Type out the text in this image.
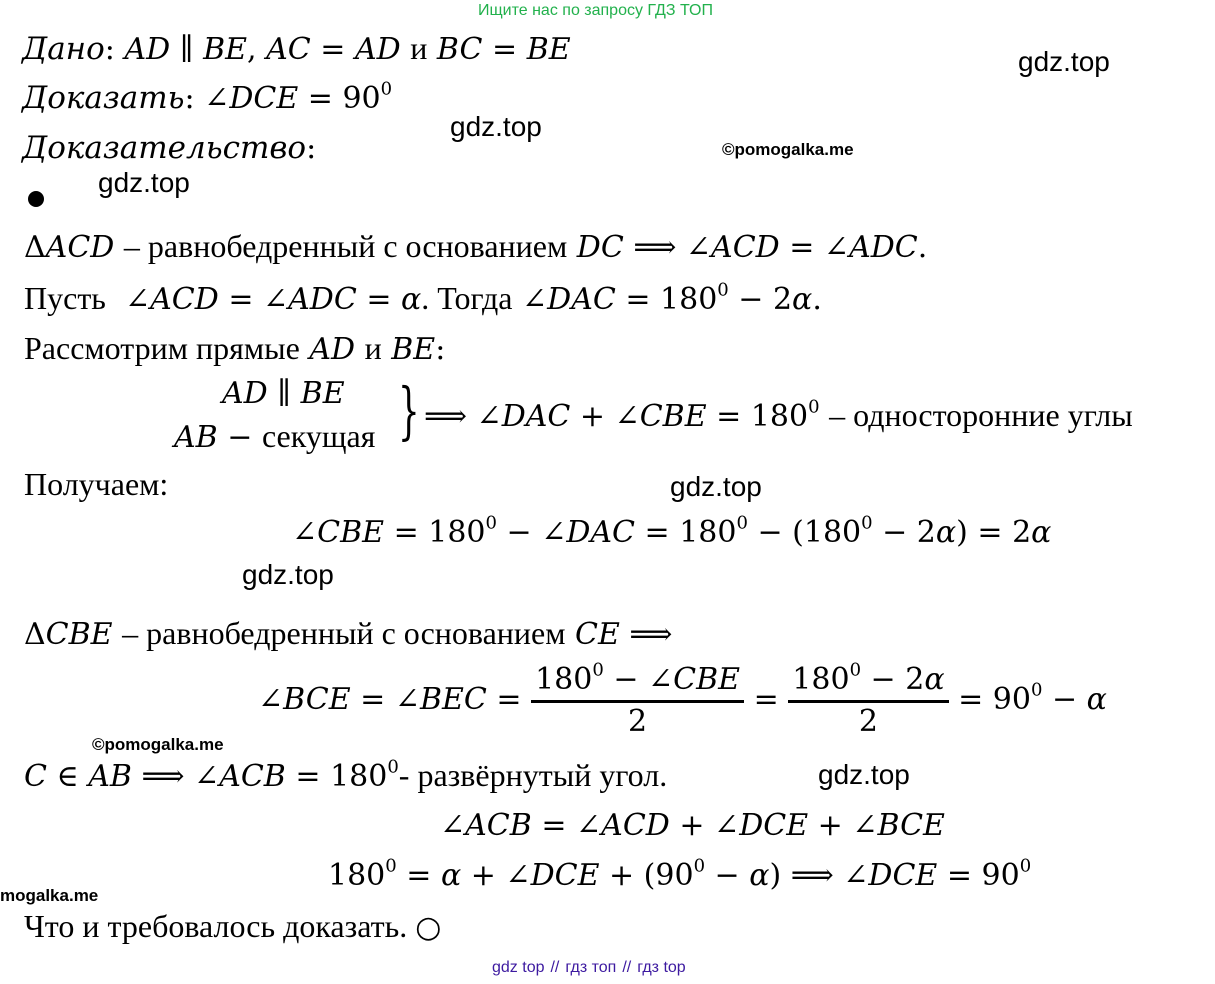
Ищите нас по запросу ГДЗ ТОП
gdz.top
gdz.top
©pomogalka.me
gdz.top
gdz.top
gdz.top
©pomogalka.me
gdz.top
mogalka.me
Дано: AD ∥ BE, AC = AD и BC = BE
Доказать: ∠DCE = $90^0$
Доказательство:
ΔACD – равнобедренный с основанием DC ⟹ ∠ACD = ∠ADC.
Пусть  ∠ACD = ∠ADC = α. Тогда ∠DAC = $180^0 - 2\alpha$.
Рассмотрим прямые AD и BE:
AD ∥ BE
AB − секущая } ⟹ ∠DAC + ∠CBE = $180^0$ – односторонние углы
Получаем:
∠CBE = $180^0$ − ∠DAC = $180^0 - (180^0 - 2\alpha) = 2\alpha$
ΔCBE – равнобедренный с основанием CE ⟹
∠BCE = ∠BEC = $\frac{180^0 - \angle CBE}{2} = \frac{180^0 - 2\alpha}{2} = 90^0 - \alpha$
C ∈ AB ⟹ ∠ACB = $180^0-$ развёрнутый угол.
∠ACB = ∠ACD + ∠DCE + ∠BCE
$180^0 = \alpha$ + ∠DCE + $(90^0 - \alpha)$ ⟹ ∠DCE = $90^0$
Что и требовалось доказать. ○
gdz top // гдз топ // гдз top
